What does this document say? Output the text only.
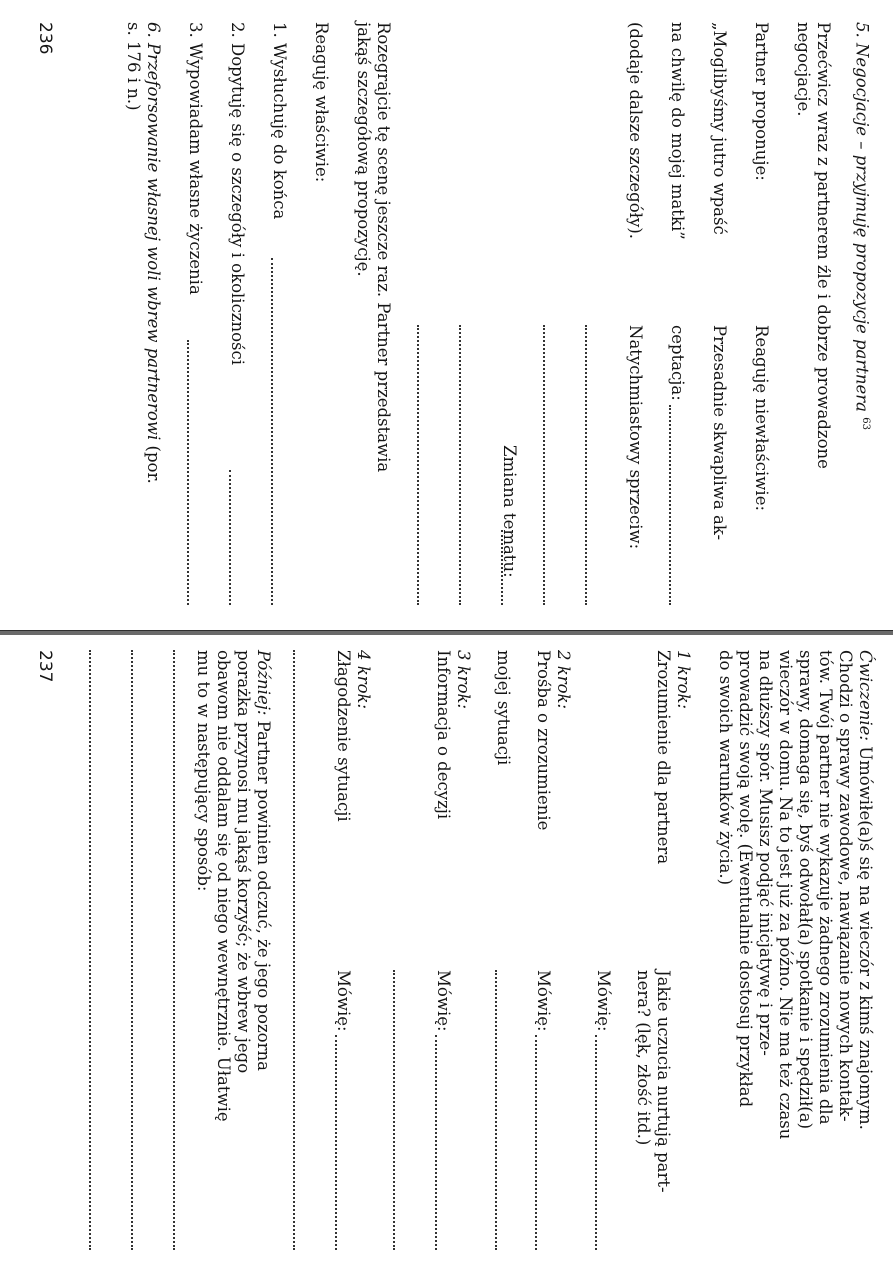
5. Negocjacje – przyjmuję propozycje partnera $^{63}$
Przećwicz wraz z partnerem źle i dobrze prowadzone
negocjacje.
Partner proponuje:
Reaguję niewłaściwie:
„Moglibyśmy jutro wpaść
Przesadnie skwapliwa ak-
na chwilę do mojej matki”
ceptacja:
(dodaje dalsze szczegóły).
Natychmiastowy sprzeciw:
Zmiana tematu:
Rozegrajcie tę scenę jeszcze raz. Partner przedstawia
jakąś szczegółową propozycję.
Reaguję właściwie:
1. Wysłuchuję do końca
2. Dopytuję się o szczegóły i okoliczności
3. Wypowiadam własne życzenia
6. Przeforsowanie własnej woli wbrew partnerowi (por.
s. 176 i n.)
236
Ćwiczenie: Umówiłe(a)ś się na wieczór z kimś znajomym.
Chodzi o sprawy zawodowe, nawiązanie nowych kontak-
tów. Twój partner nie wykazuje żadnego zrozumienia dla
sprawy, domaga się, byś odwołał(a) spotkanie i spędził(a)
wieczór w domu. Na to jest już za późno. Nie ma też czasu
na dłuższy spór. Musisz podjąć inicjatywę i prze-
prowadzić swoją wolę. (Ewentualnie dostosuj przykład
do swoich warunków życia.)
1 krok:
Zrozumienie dla partnera
Jakie uczucia nurtują part-
nera? (lęk, złość itd.)
Mówię:
2 krok:
Prośba o zrozumienie
Mówię:
mojej sytuacji
3 krok:
Informacja o decyzji
Mówię:
4 krok:
Złagodzenie sytuacji
Mówię:
Później: Partner powinien odczuć, że jego pozorna
porażka przynosi mu jakąś korzyść; że wbrew jego
obawom nie oddalam się od niego wewnętrznie. Ułatwię
mu to w następujący sposób:
237
